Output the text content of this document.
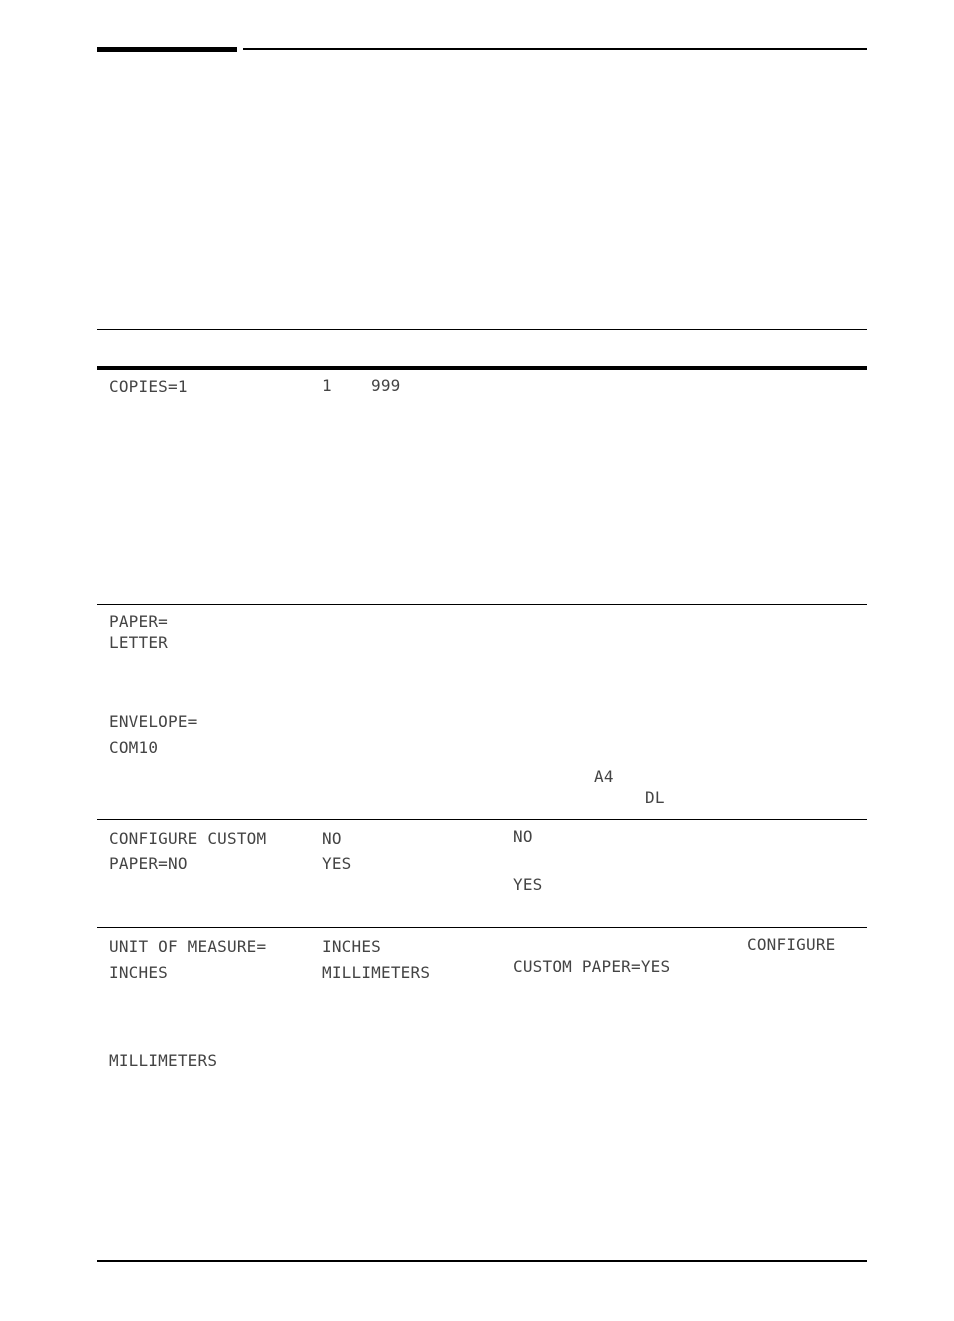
COPIES=1	1 999
PAPER=
LETTER
ENVELOPE=
COM10
A4
DL
CONFIGURE CUSTOM
PAPER=NO
NO
YES
NO
YES
UNIT OF MEASURE=
INCHES
INCHES
MILLIMETERS
CONFIGURE
CUSTOM PAPER=YES
MILLIMETERS
